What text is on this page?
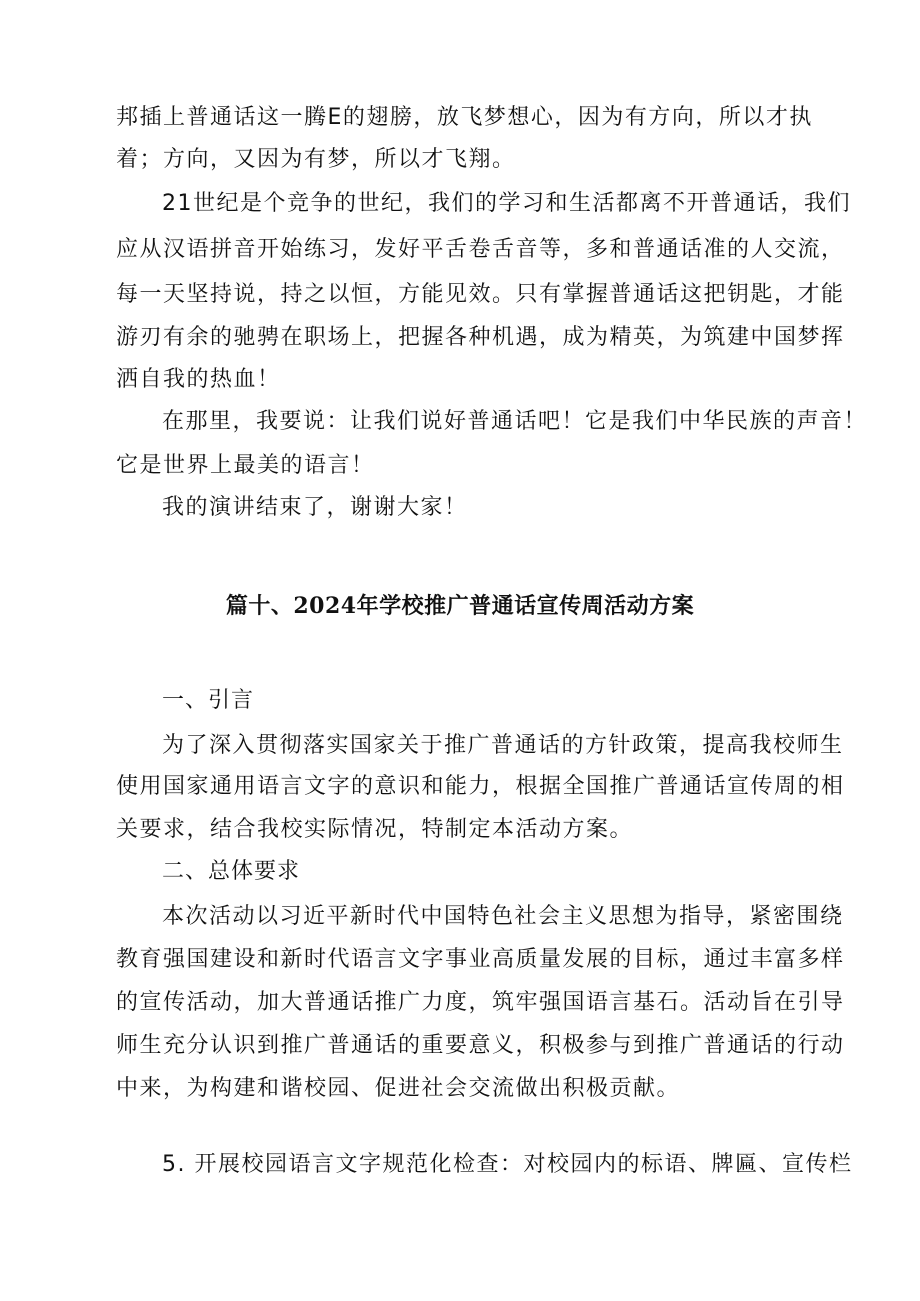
邦插上普通话这一腾E的翅膀，放飞梦想心，因为有方向，所以才执
着；方向，又因为有梦，所以才飞翔。
21世纪是个竞争的世纪，我们的学习和生活都离不开普通话，我们
应从汉语拼音开始练习，发好平舌卷舌音等，多和普通话准的人交流，
每一天坚持说，持之以恒，方能见效。只有掌握普通话这把钥匙，才能
游刃有余的驰骋在职场上，把握各种机遇，成为精英，为筑建中国梦挥
洒自我的热血！
在那里，我要说：让我们说好普通话吧！它是我们中华民族的声音！
它是世界上最美的语言！
我的演讲结束了，谢谢大家！
篇十、2024年学校推广普通话宣传周活动方案
一、引言
为了深入贯彻落实国家关于推广普通话的方针政策，提高我校师生
使用国家通用语言文字的意识和能力，根据全国推广普通话宣传周的相
关要求，结合我校实际情况，特制定本活动方案。
二、总体要求
本次活动以习近平新时代中国特色社会主义思想为指导，紧密围绕
教育强国建设和新时代语言文字事业高质量发展的目标，通过丰富多样
的宣传活动，加大普通话推广力度，筑牢强国语言基石。活动旨在引导
师生充分认识到推广普通话的重要意义，积极参与到推广普通话的行动
中来，为构建和谐校园、促进社会交流做出积极贡献。
5. 开展校园语言文字规范化检查：对校园内的标语、牌匾、宣传栏
